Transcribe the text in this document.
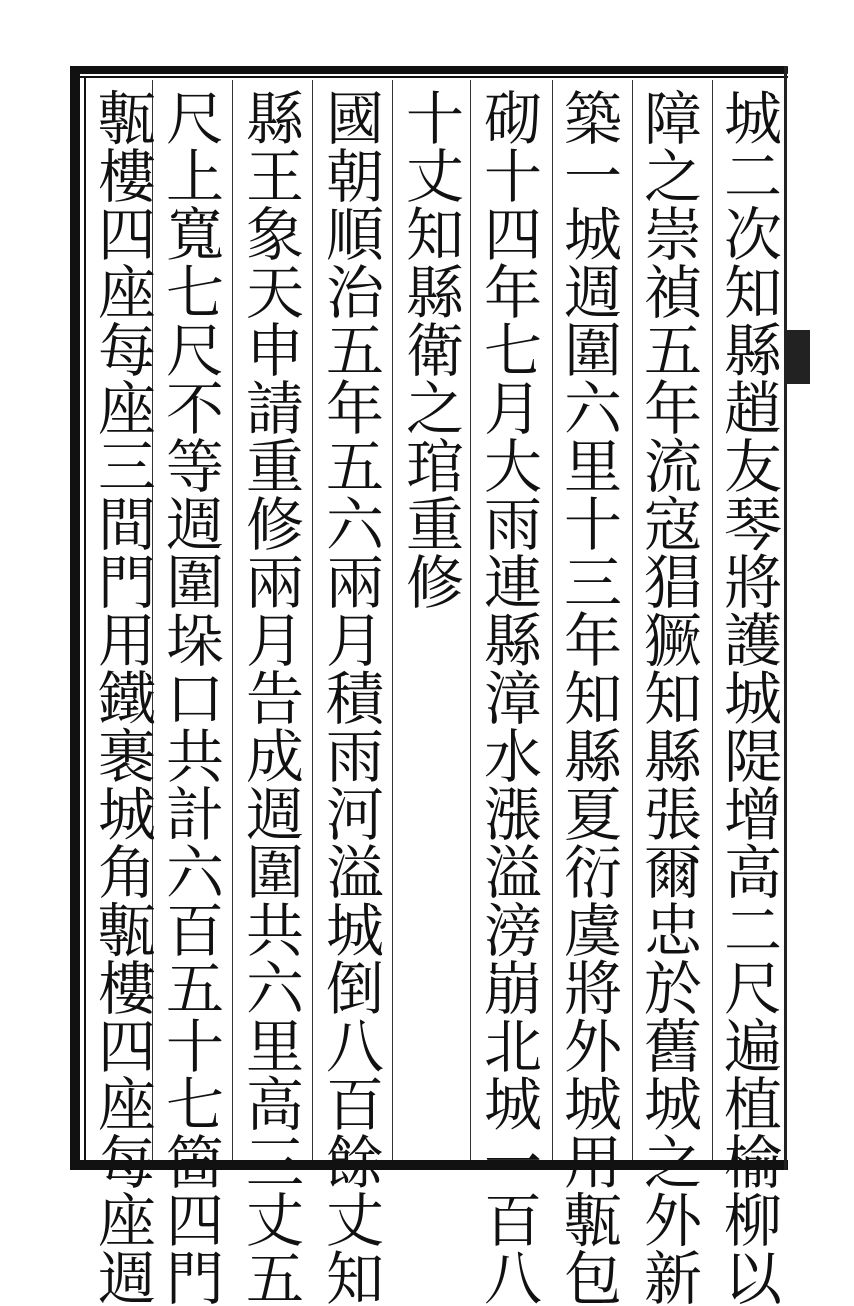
城二次知縣趙友琴將護城隄增高二尺遍植榆柳以
障之崇禎五年流寇猖獗知縣張爾忠於舊城之外新
築一城週圍六里十三年知縣夏衍虞將外城用甎包
砌十四年七月大雨連縣漳水漲溢滂崩北城一百八
十丈知縣衛之琯重修
國朝順治五年五六兩月積雨河溢城倒八百餘丈知
縣王象天申請重修兩月告成週圍共六里高三丈五
尺上寬七尺不等週圍垛口共計六百五十七箇四門
甎樓四座每座三間門用鐵裹城角甎樓四座每座週
